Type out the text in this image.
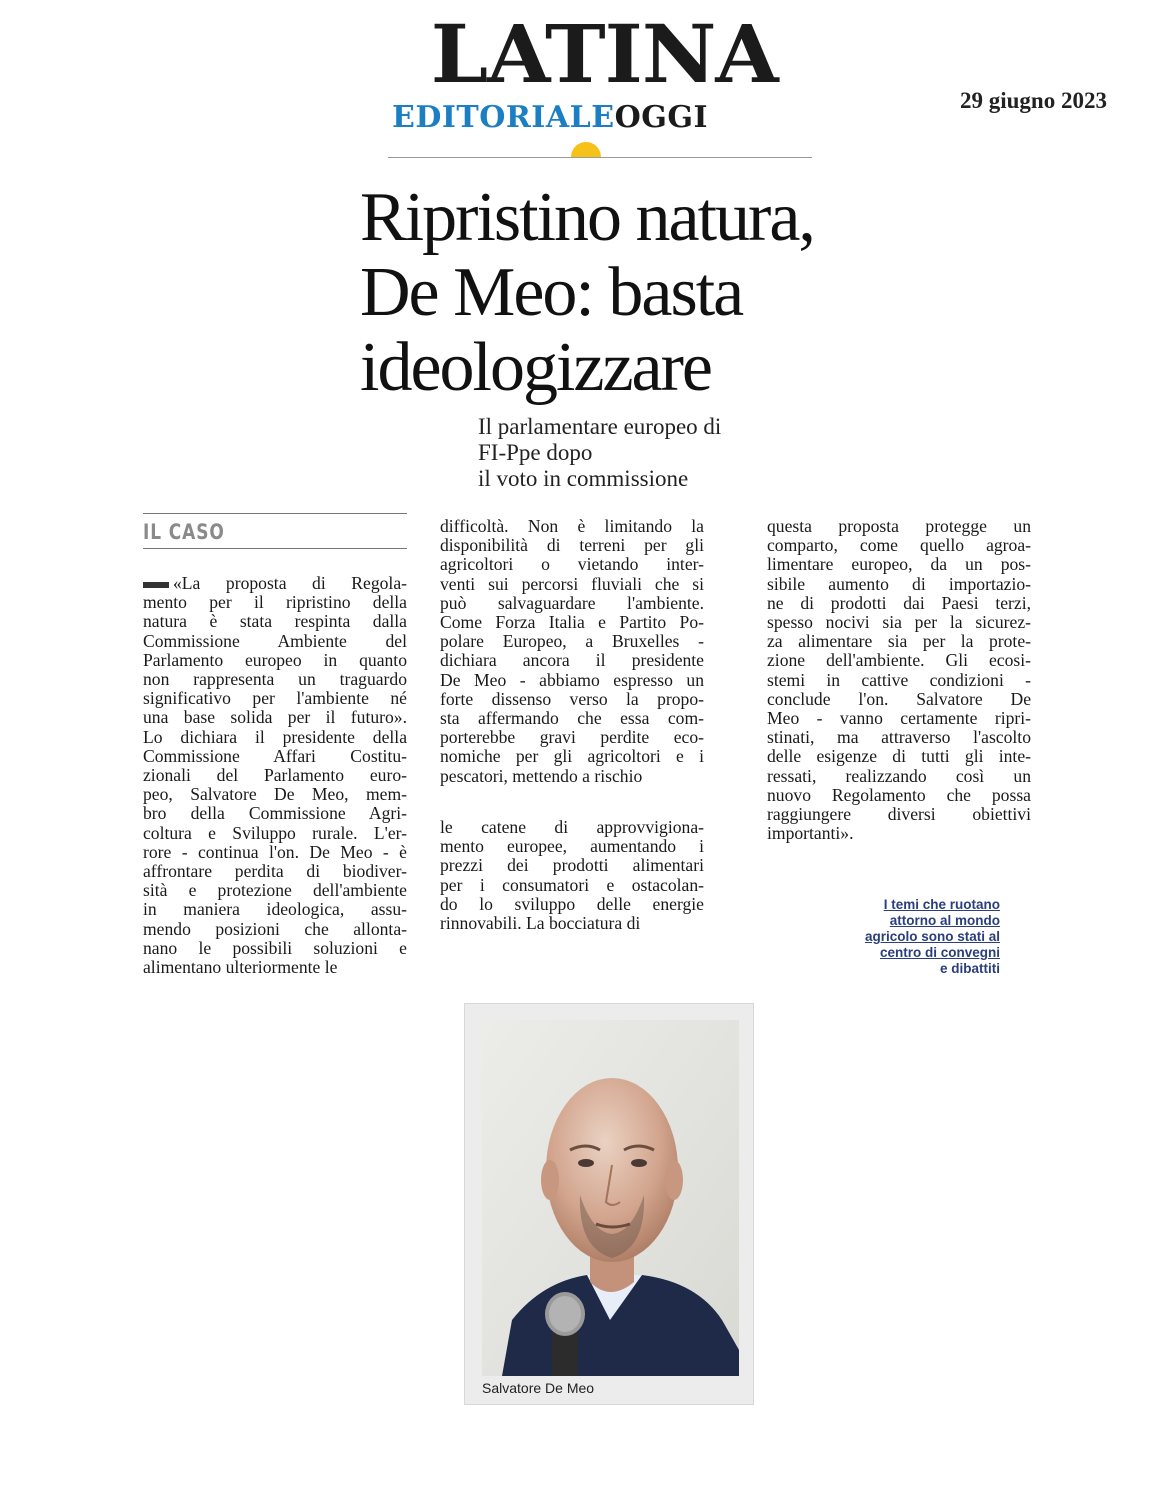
LATINA
EDITORIALEOGGI	29 giugno 2023
Ripristino natura,
De Meo: basta
ideologizzare
Il parlamentare europeo di
FI-Ppe dopo
il voto in commissione
IL CASO
«La proposta di Regola-
mento per il ripristino della
natura è stata respinta dalla
Commissione Ambiente del
Parlamento europeo in quanto
non rappresenta un traguardo
significativo per l'ambiente né
una base solida per il futuro».
Lo dichiara il presidente della
Commissione Affari Costitu-
zionali del Parlamento euro-
peo, Salvatore De Meo, mem-
bro della Commissione Agri-
coltura e Sviluppo rurale. L'er-
rore - continua l'on. De Meo - è
affrontare perdita di biodiver-
sità e protezione dell'ambiente
in maniera ideologica, assu-
mendo posizioni che allonta-
nano le possibili soluzioni e
alimentano ulteriormente le
difficoltà. Non è limitando la
disponibilità di terreni per gli
agricoltori o vietando inter-
venti sui percorsi fluviali che si
può salvaguardare l'ambiente.
Come Forza Italia e Partito Po-
polare Europeo, a Bruxelles -
dichiara ancora il presidente
De Meo - abbiamo espresso un
forte dissenso verso la propo-
sta affermando che essa com-
porterebbe gravi perdite eco-
nomiche per gli agricoltori e i
pescatori, mettendo a rischio
le catene di approvvigiona-
mento europee, aumentando i
prezzi dei prodotti alimentari
per i consumatori e ostacolan-
do lo sviluppo delle energie
rinnovabili. La bocciatura di
questa proposta protegge un
comparto, come quello agroa-
limentare europeo, da un pos-
sibile aumento di importazio-
ne di prodotti dai Paesi terzi,
spesso nocivi sia per la sicurez-
za alimentare sia per la prote-
zione dell'ambiente. Gli ecosi-
stemi in cattive condizioni -
conclude l'on. Salvatore De
Meo - vanno certamente ripri-
stinati, ma attraverso l'ascolto
delle esigenze di tutti gli inte-
ressati, realizzando così un
nuovo Regolamento che possa
raggiungere diversi obiettivi
importanti».
I temi che ruotano
attorno al mondo
agricolo sono stati al
centro di convegni
e dibattiti
Salvatore De Meo
